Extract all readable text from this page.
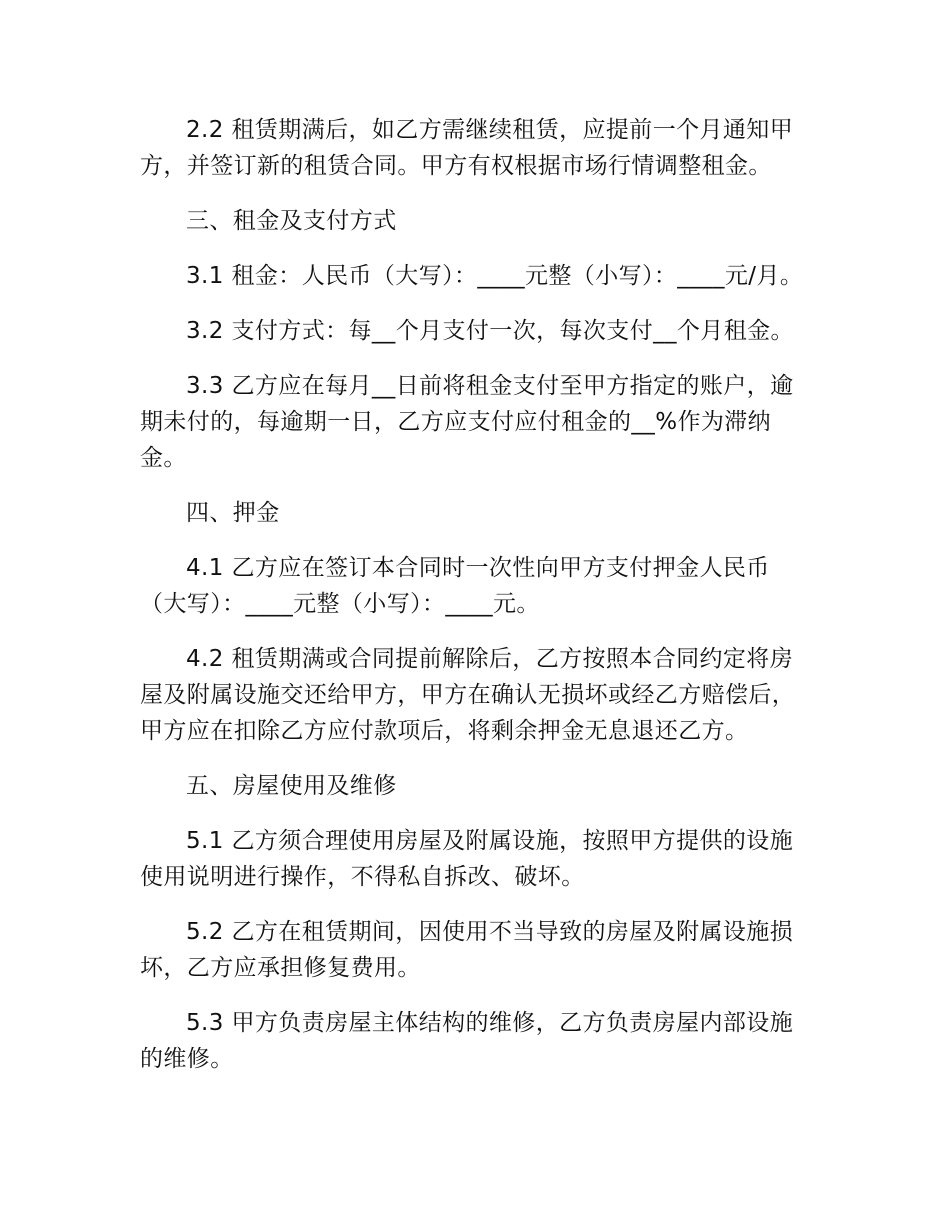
2.2 租赁期满后，如乙方需继续租赁，应提前一个月通知甲方，并签订新的租赁合同。甲方有权根据市场行情调整租金。

三、租金及支付方式

3.1 租金：人民币（大写）：____元整（小写）：____元/月。

3.2 支付方式：每__个月支付一次，每次支付__个月租金。

3.3 乙方应在每月__日前将租金支付至甲方指定的账户，逾期未付的，每逾期一日，乙方应支付应付租金的__%作为滞纳金。

四、押金

4.1 乙方应在签订本合同时一次性向甲方支付押金人民币（大写）：____元整（小写）：____元。

4.2 租赁期满或合同提前解除后，乙方按照本合同约定将房屋及附属设施交还给甲方，甲方在确认无损坏或经乙方赔偿后，甲方应在扣除乙方应付款项后，将剩余押金无息退还乙方。

五、房屋使用及维修

5.1 乙方须合理使用房屋及附属设施，按照甲方提供的设施使用说明进行操作，不得私自拆改、破坏。

5.2 乙方在租赁期间，因使用不当导致的房屋及附属设施损坏，乙方应承担修复费用。

5.3 甲方负责房屋主体结构的维修，乙方负责房屋内部设施的维修。
